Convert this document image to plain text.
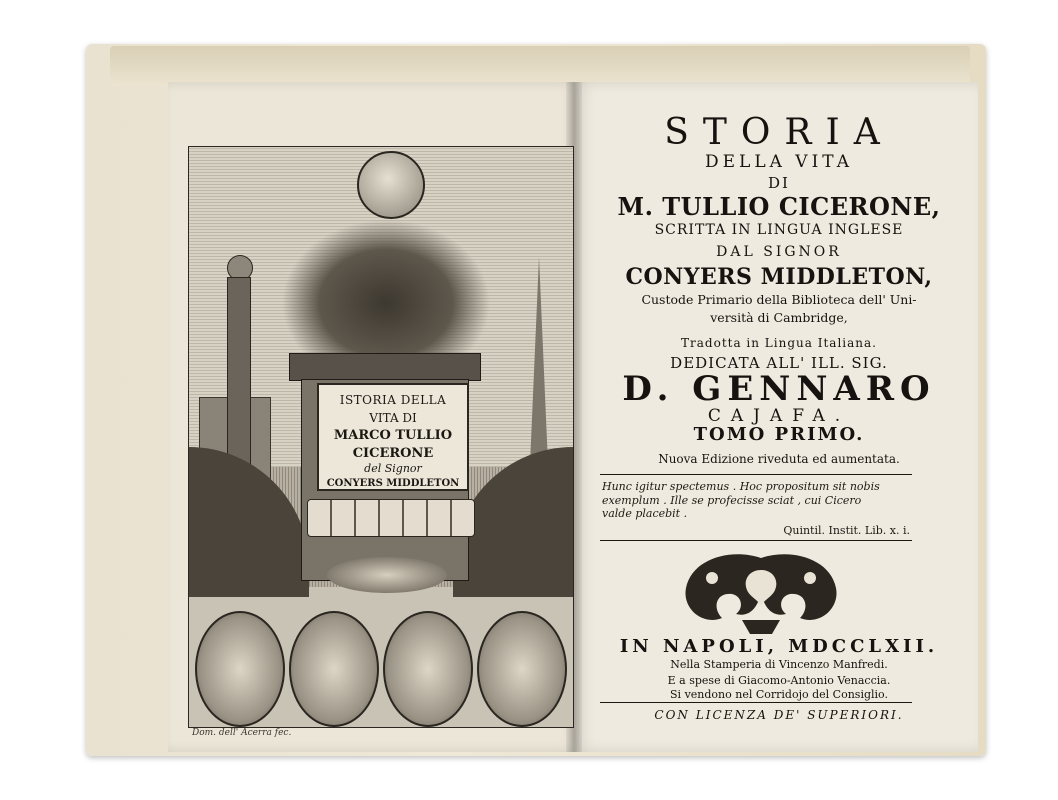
ISTORIA DELLA
VITA DI
MARCO TULLIO
CICERONE
del Signor
CONYERS MIDDLETON
Dom. dell' Acerra fec.
STORIA
DELLA VITA
DI
M. TULLIO CICERONE,
SCRITTA IN LINGUA INGLESE
DAL SIGNOR
CONYERS MIDDLETON,
Custode Primario della Biblioteca dell' Uni-
versità di Cambridge,
Tradotta in Lingua Italiana.
DEDICATA ALL' ILL. SIG.
D. GENNARO
CAJAFA.
TOMO PRIMO.
Nuova Edizione riveduta ed aumentata.
Hunc igitur spectemus . Hoc propositum sit nobis
exemplum . Ille se profecisse sciat , cui Cicero
valde placebit .
Quintil. Instit. Lib. x. i.
IN NAPOLI, MDCCLXII.
Nella Stamperia di Vincenzo Manfredi.
E a spese di Giacomo-Antonio Venaccia.
Si vendono nel Corridojo del Consiglio.
CON LICENZA DE' SUPERIORI.
